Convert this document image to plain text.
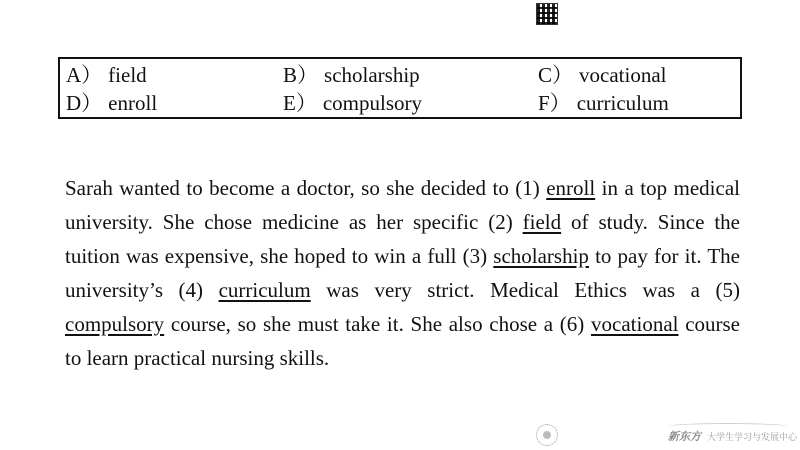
A） field	B） scholarship	C） vocational
D） enroll	E） compulsory	F） curriculum
Sarah wanted to become a doctor, so she decided to (1) enroll in a top medical university. She chose medicine as her specific (2) field of study. Since the tuition was expensive, she hoped to win a full (3) scholarship to pay for it. The university’s (4) curriculum was very strict. Medical Ethics was a (5) compulsory course, so she must take it. She also chose a (6) vocational course to learn practical nursing skills.
新东方 大学生学习与发展中心
